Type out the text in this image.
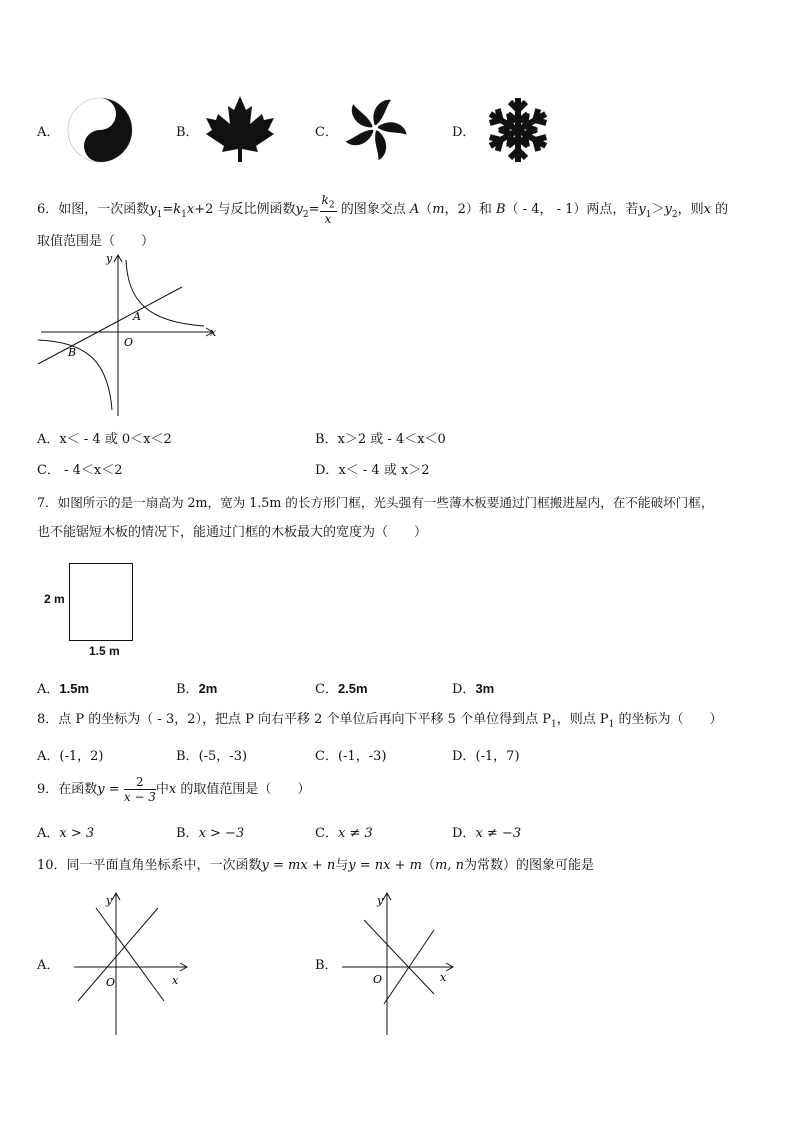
A．	B．	C．	D．
6．如图，一次函数$y_1=k_1x+2$ 与反比例函数$y_2= \frac{k_2}{x}$ 的图象交点 A（m，2）和 B（ - 4， - 1）两点，若$y_1>y_2$，则x 的
取值范围是（　　）
y
x
O
A
B
A．x＜ - 4 或 0＜x＜2	B．x＞2 或 - 4＜x＜0
C． - 4＜x＜2	D．x＜ - 4 或 x＞2
7．如图所示的是一扇高为 2m，宽为 1.5m 的长方形门框，光头强有一些薄木板要通过门框搬进屋内，在不能破坏门框，
也不能锯短木板的情况下，能通过门框的木板最大的宽度为（　　）
2 m
1.5 m
A．1.5m	B．2m	C．2.5m	D．3m
8．点 P 的坐标为（ - 3，2），把点 P 向右平移 2 个单位后再向下平移 5 个单位得到点 $P_1$，则点 $P_1$ 的坐标为（　　）
A．(-1，2)	B．(-5，-3)	C．(-1，-3)	D．(-1，7)
9．在函数$y = \frac{2}{x - 3}$ 中x 的取值范围是（　　）
A．x > 3	B．x > −3	C．x ≠ 3	D．x ≠ −3
10．同一平面直角坐标系中，一次函数y = mx + n与y = nx + m（m, n为常数）的图象可能是
A．
y
x
O
B．
y
x
O
